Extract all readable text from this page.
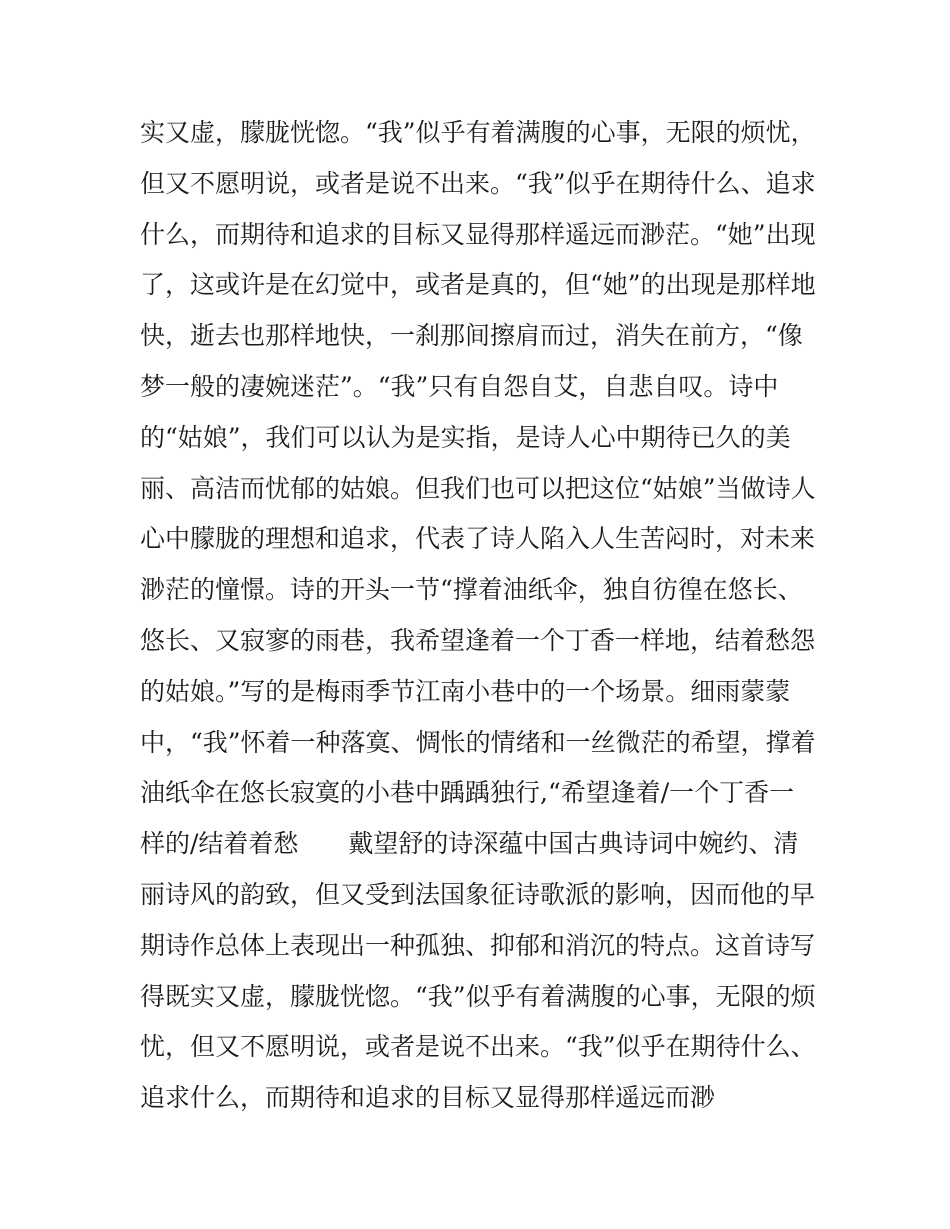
实又虚，朦胧恍惚。“我”似乎有着满腹的心事，无限的烦忧，
但又不愿明说，或者是说不出来。“我”似乎在期待什么、追求
什么，而期待和追求的目标又显得那样遥远而渺茫。“她”出现
了，这或许是在幻觉中，或者是真的，但“她”的出现是那样地
快，逝去也那样地快，一刹那间擦肩而过，消失在前方，“像
梦一般的凄婉迷茫”。“我”只有自怨自艾，自悲自叹。诗中
的“姑娘”，我们可以认为是实指，是诗人心中期待已久的美
丽、高洁而忧郁的姑娘。但我们也可以把这位“姑娘”当做诗人
心中朦胧的理想和追求，代表了诗人陷入人生苦闷时，对未来
渺茫的憧憬。诗的开头一节“撑着油纸伞，独自彷徨在悠长、
悠长、又寂寥的雨巷，我希望逢着一个丁香一样地，结着愁怨
的姑娘。”写的是梅雨季节江南小巷中的一个场景。细雨蒙蒙
中，“我”怀着一种落寞、惆怅的情绪和一丝微茫的希望，撑着
油纸伞在悠长寂寞的小巷中踽踽独行,“希望逢着/一个丁香一
样的/结着着愁　　戴望舒的诗深蕴中国古典诗词中婉约、清
丽诗风的韵致，但又受到法国象征诗歌派的影响，因而他的早
期诗作总体上表现出一种孤独、抑郁和消沉的特点。这首诗写
得既实又虚，朦胧恍惚。“我”似乎有着满腹的心事，无限的烦
忧，但又不愿明说，或者是说不出来。“我”似乎在期待什么、
追求什么，而期待和追求的目标又显得那样遥远而渺
